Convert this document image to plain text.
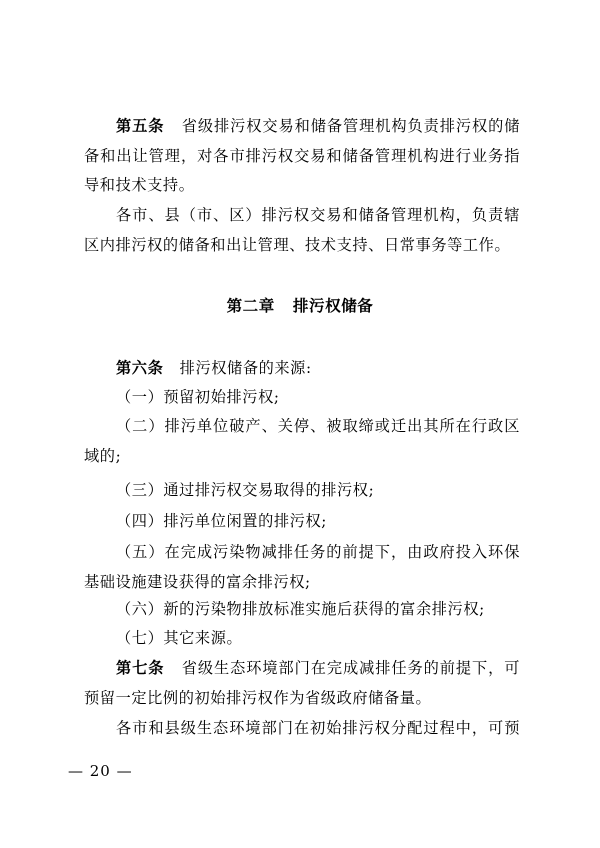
第五条 省级排污权交易和储备管理机构负责排污权的储
备和出让管理，对各市排污权交易和储备管理机构进行业务指
导和技术支持。

各市、县（市、区）排污权交易和储备管理机构，负责辖
区内排污权的储备和出让管理、技术支持、日常事务等工作。

第二章 排污权储备

第六条 排污权储备的来源:

（一）预留初始排污权;

（二）排污单位破产、关停、被取缔或迁出其所在行政区
域的;

（三）通过排污权交易取得的排污权;

（四）排污单位闲置的排污权;

（五）在完成污染物减排任务的前提下，由政府投入环保
基础设施建设获得的富余排污权;

（六）新的污染物排放标准实施后获得的富余排污权;

（七）其它来源。

第七条 省级生态环境部门在完成减排任务的前提下，可
预留一定比例的初始排污权作为省级政府储备量。

各市和县级生态环境部门在初始排污权分配过程中，可预

— 20 —
